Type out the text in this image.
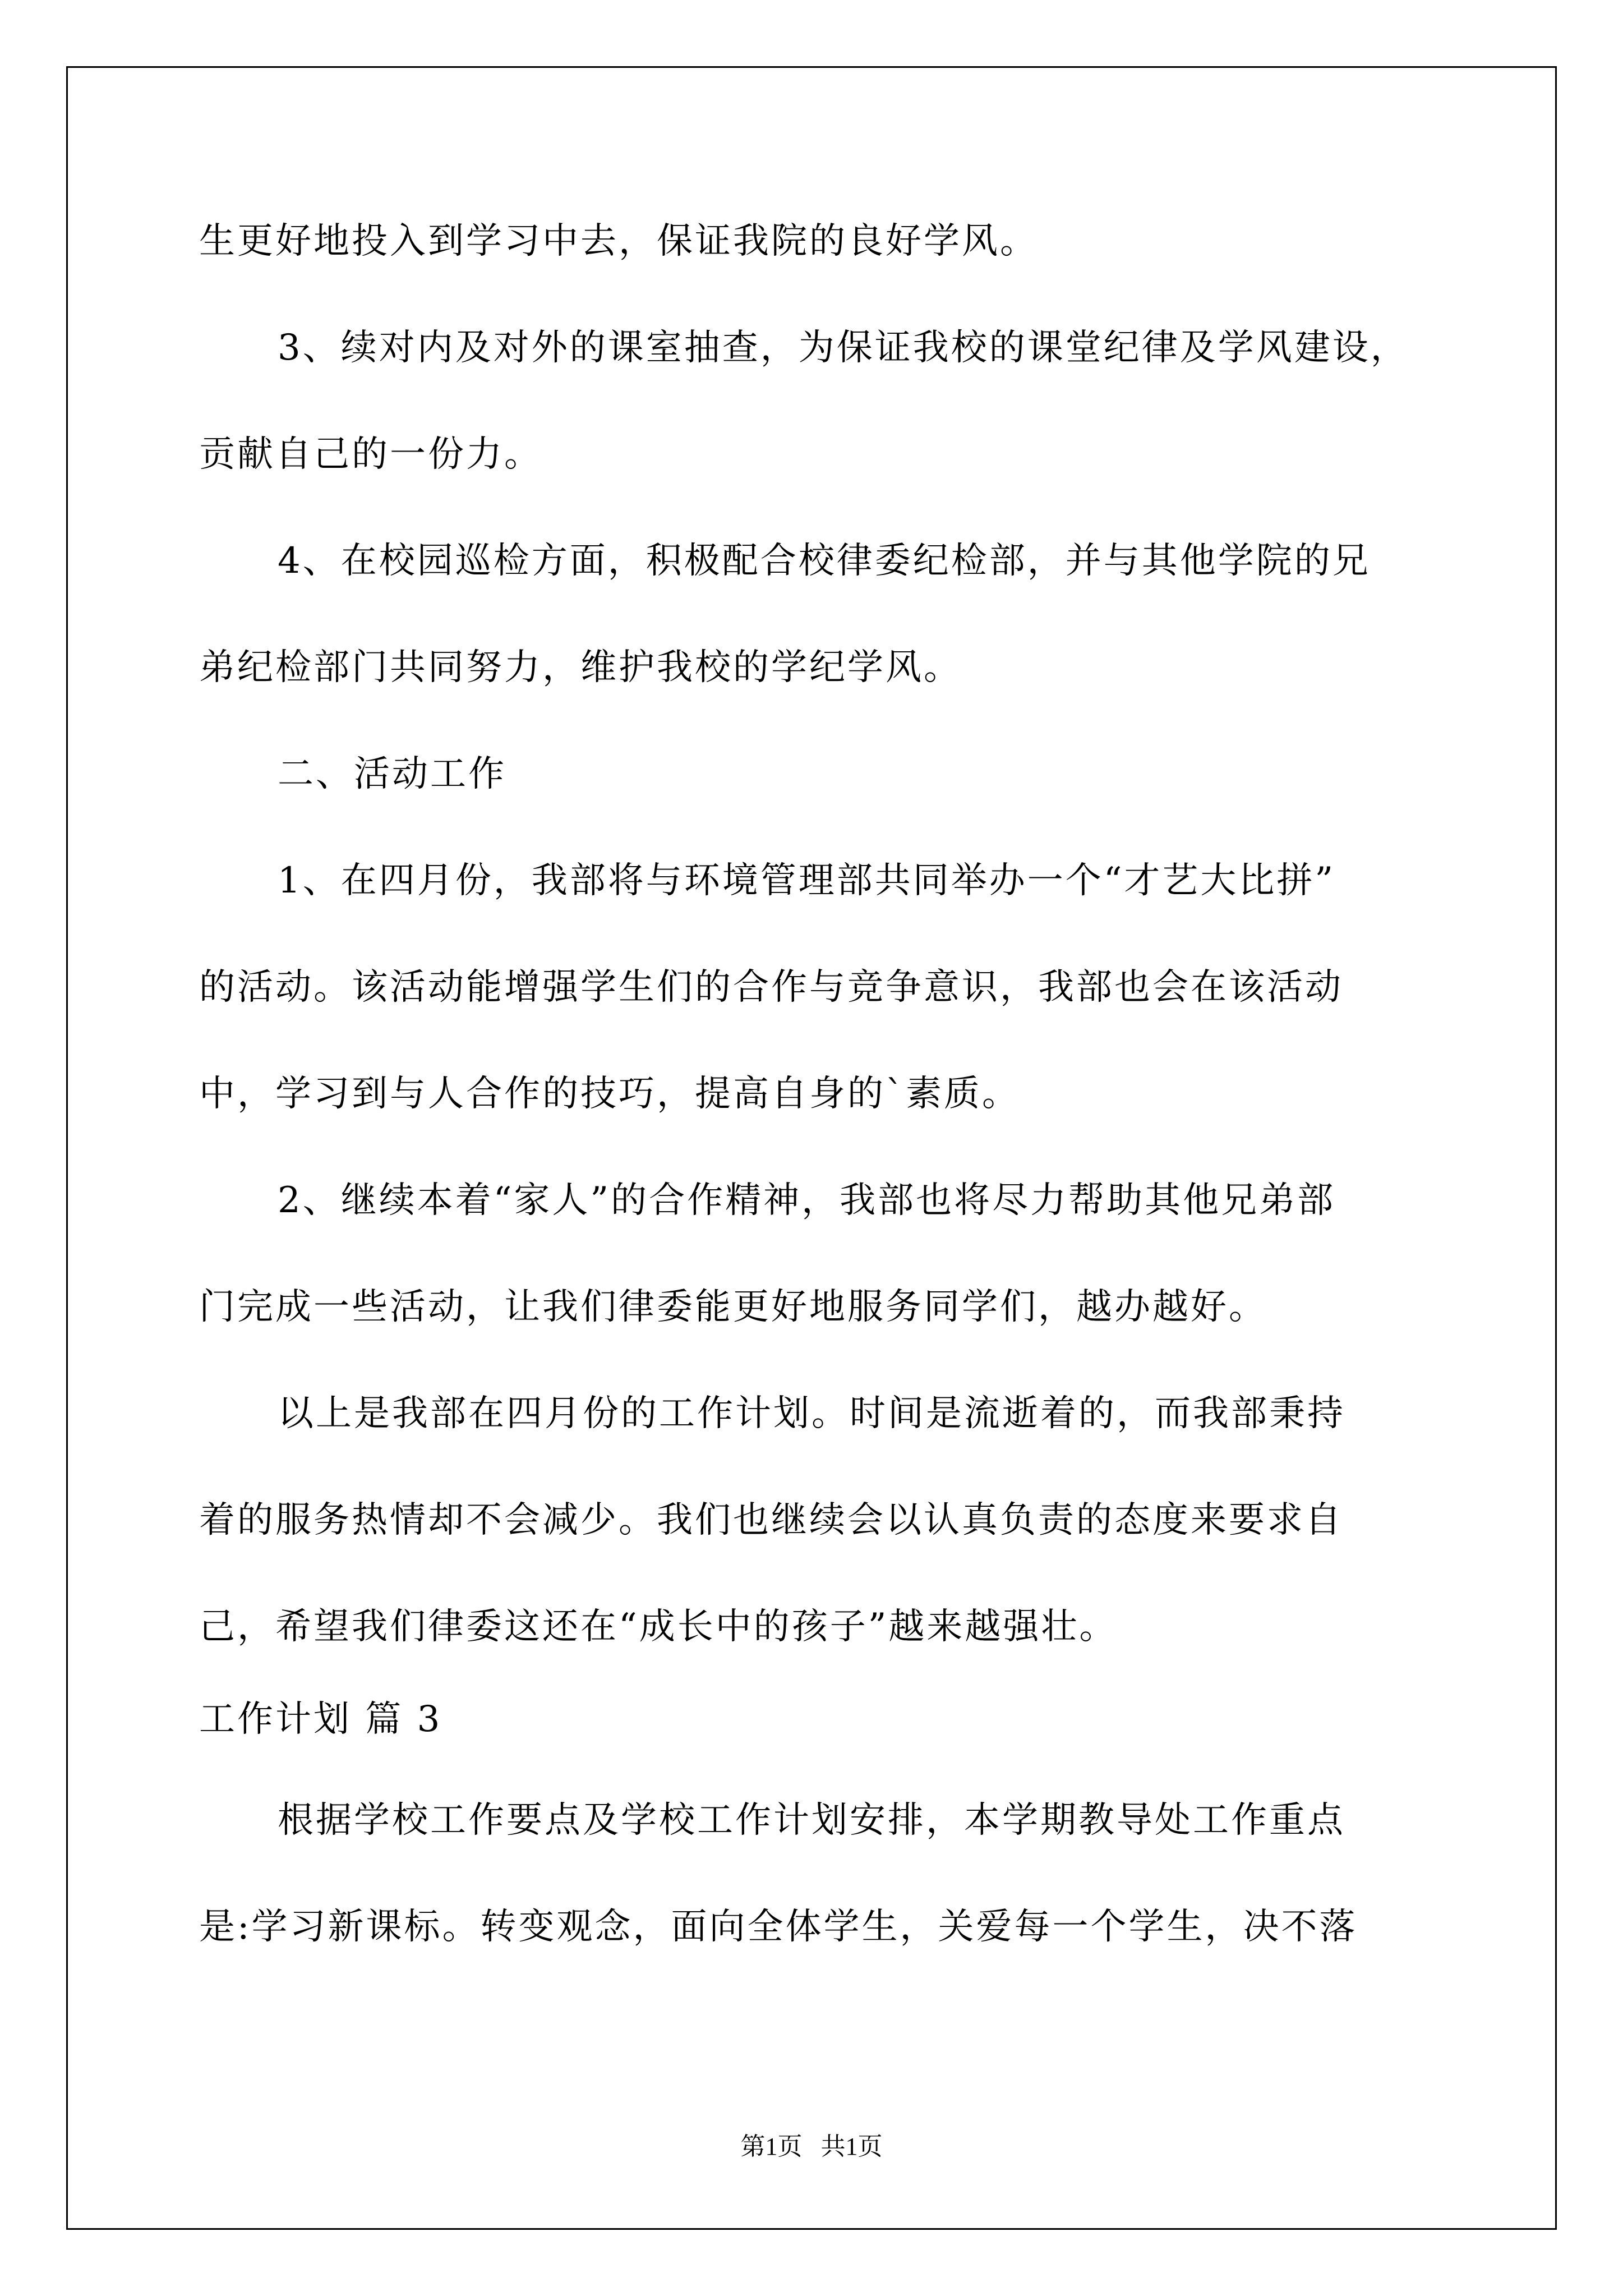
生更好地投入到学习中去，保证我院的良好学风。
3、续对内及对外的课室抽查，为保证我校的课堂纪律及学风建设，
贡献自己的一份力。
4、在校园巡检方面，积极配合校律委纪检部，并与其他学院的兄
弟纪检部门共同努力，维护我校的学纪学风。
二、活动工作
1、在四月份，我部将与环境管理部共同举办一个“才艺大比拼”
的活动。该活动能增强学生们的合作与竞争意识，我部也会在该活动
中，学习到与人合作的技巧，提高自身的`素质。
2、继续本着“家人”的合作精神，我部也将尽力帮助其他兄弟部
门完成一些活动，让我们律委能更好地服务同学们，越办越好。
以上是我部在四月份的工作计划。时间是流逝着的，而我部秉持
着的服务热情却不会减少。我们也继续会以认真负责的态度来要求自
己，希望我们律委这还在“成长中的孩子”越来越强壮。
工作计划 篇 3
根据学校工作要点及学校工作计划安排，本学期教导处工作重点
是:学习新课标。转变观念，面向全体学生，关爱每一个学生，决不落
第1页   共1页
